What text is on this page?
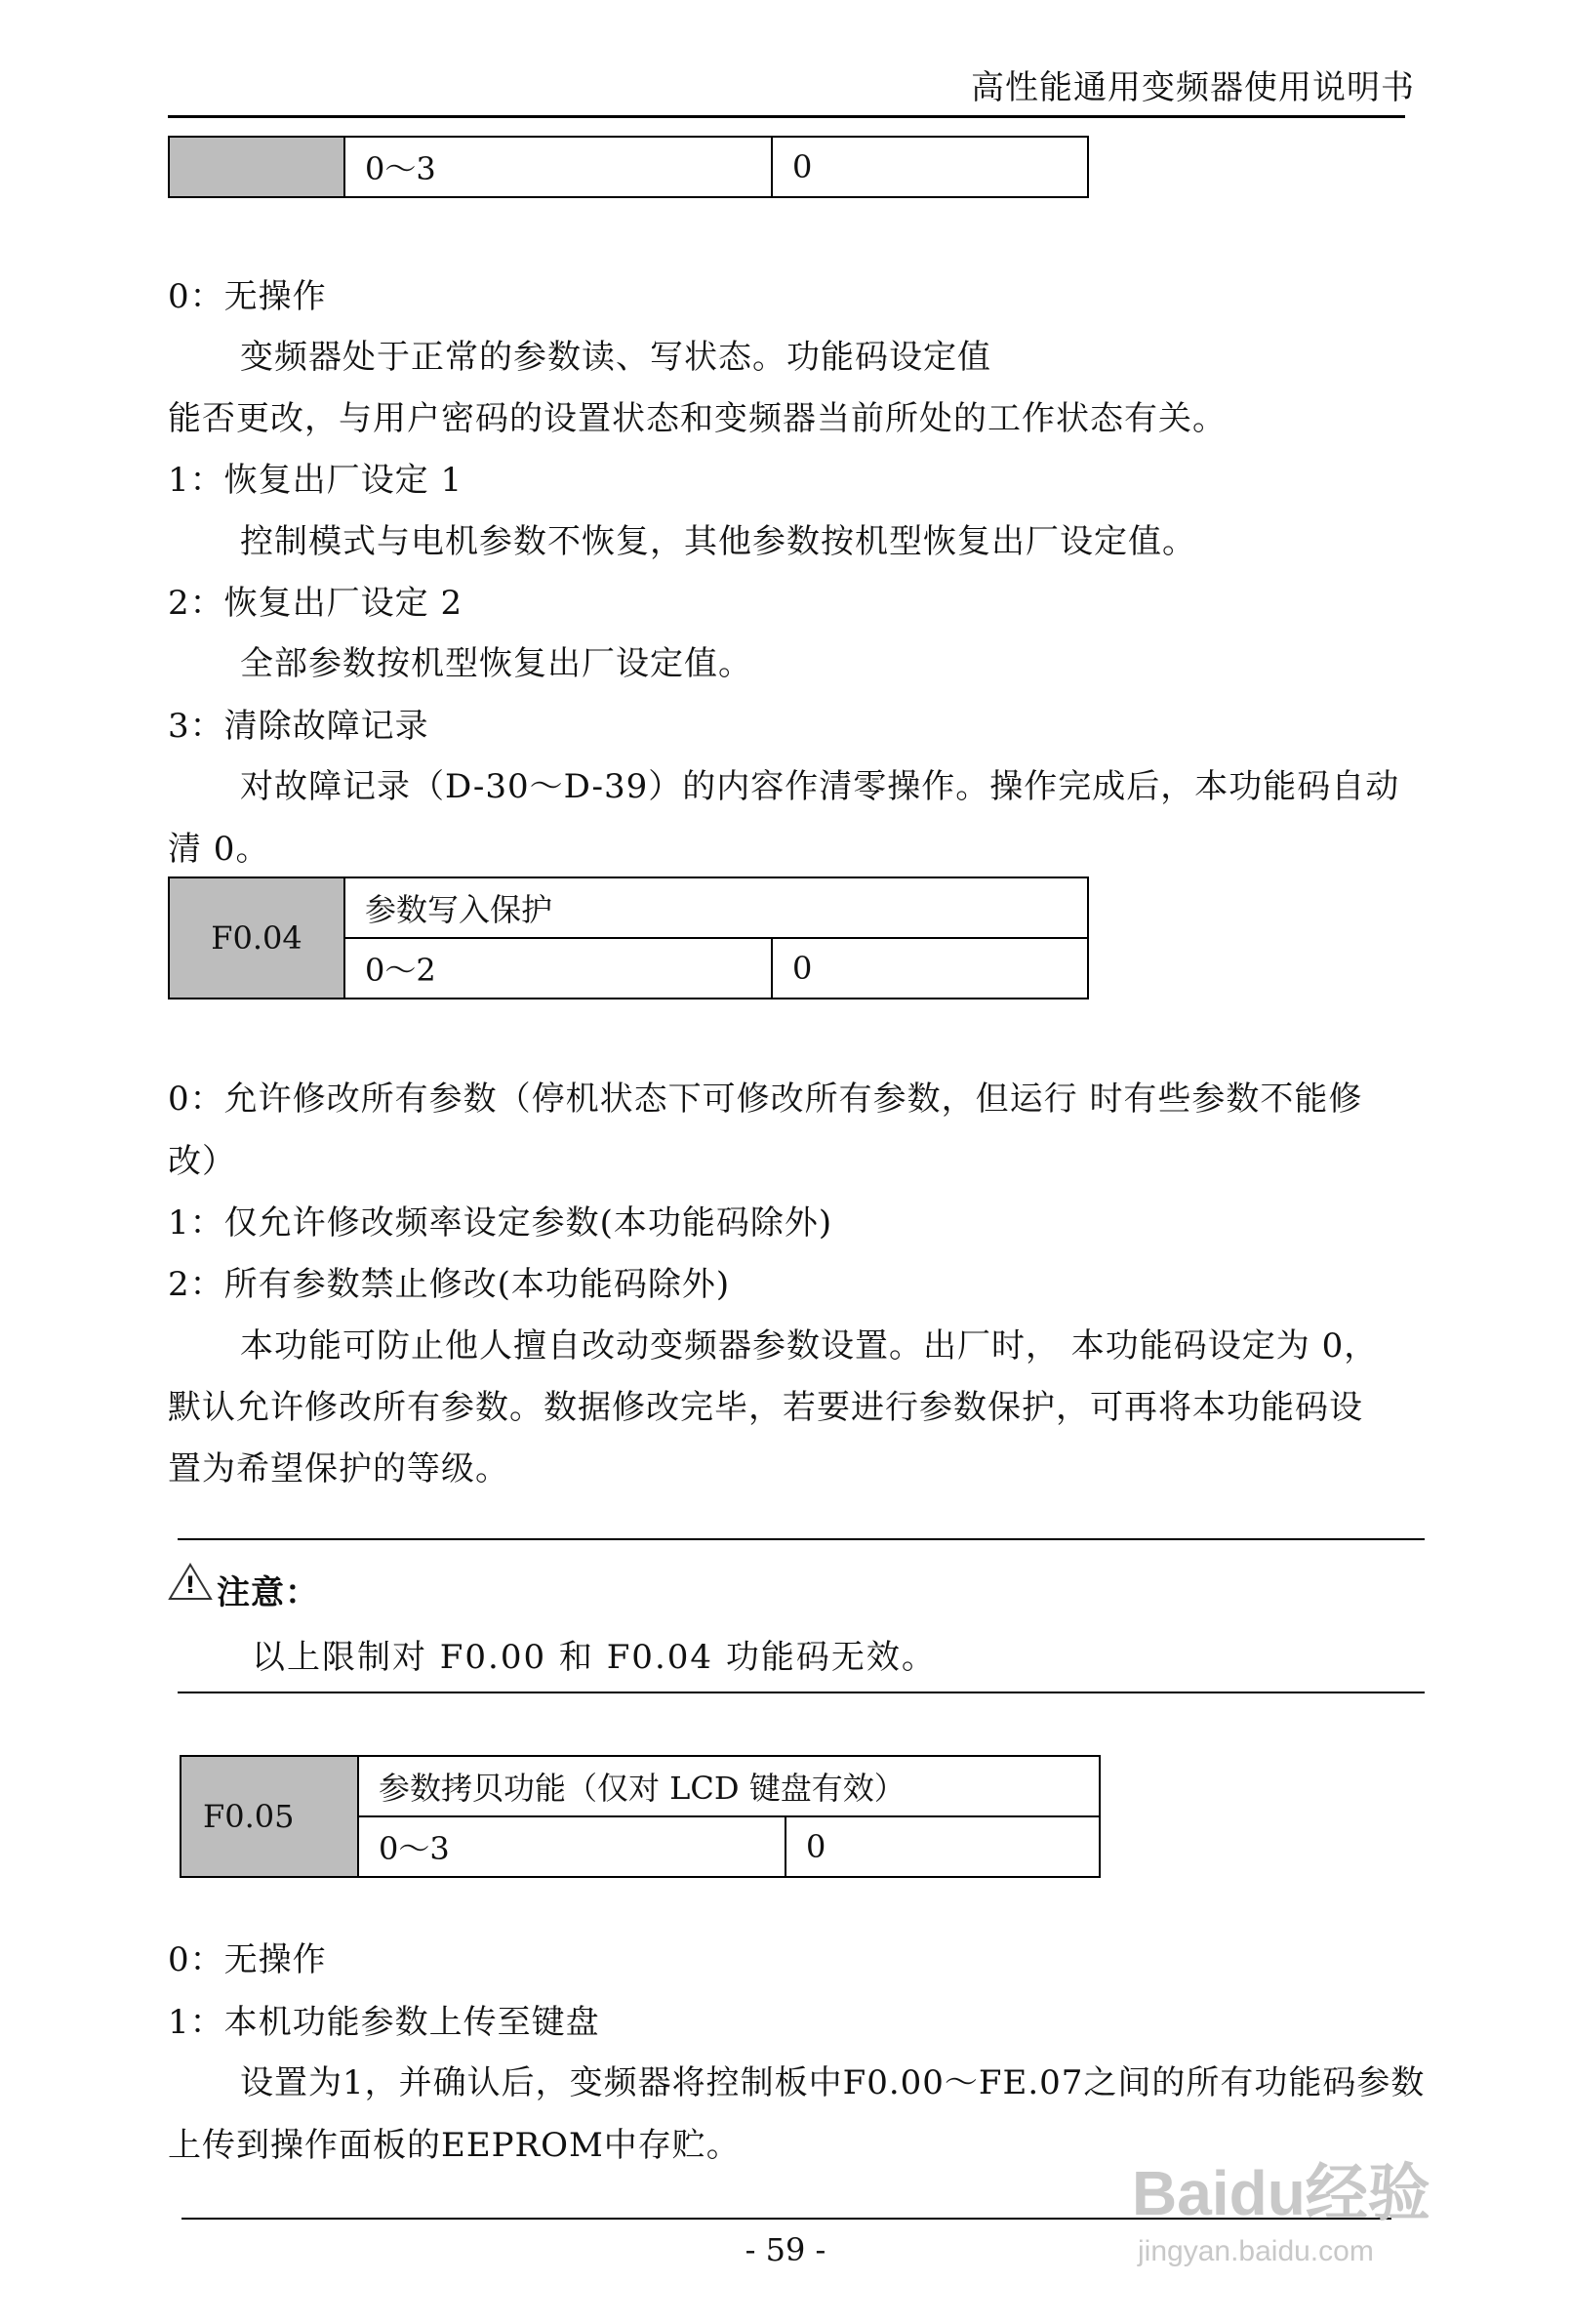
高性能通用变频器使用说明书
	0～3	0
0：无操作
变频器处于正常的参数读、写状态。功能码设定值
能否更改，与用户密码的设置状态和变频器当前所处的工作状态有关。
1：恢复出厂设定 1
控制模式与电机参数不恢复，其他参数按机型恢复出厂设定值。
2：恢复出厂设定 2
全部参数按机型恢复出厂设定值。
3：清除故障记录
对故障记录（D-30～D-39）的内容作清零操作。操作完成后，本功能码自动
清 0。
F0.04	参数写入保护	
	0～2	0
0：允许修改所有参数（停机状态下可修改所有参数，但运行 时有些参数不能修
改）
1：仅允许修改频率设定参数(本功能码除外)
2：所有参数禁止修改(本功能码除外)
本功能可防止他人擅自改动变频器参数设置。出厂时， 本功能码设定为 0，
默认允许修改所有参数。数据修改完毕，若要进行参数保护，可再将本功能码设
置为希望保护的等级。
! 注意：
以上限制对 F0.00 和 F0.04 功能码无效。
F0.05	参数拷贝功能（仅对 LCD 键盘有效）	
	0～3	0
0：无操作
1：本机功能参数上传至键盘
设置为1，并确认后，变频器将控制板中F0.00～FE.07之间的所有功能码参数
上传到操作面板的EEPROM中存贮。
- 59 -
Baidu经验
jingyan.baidu.com
